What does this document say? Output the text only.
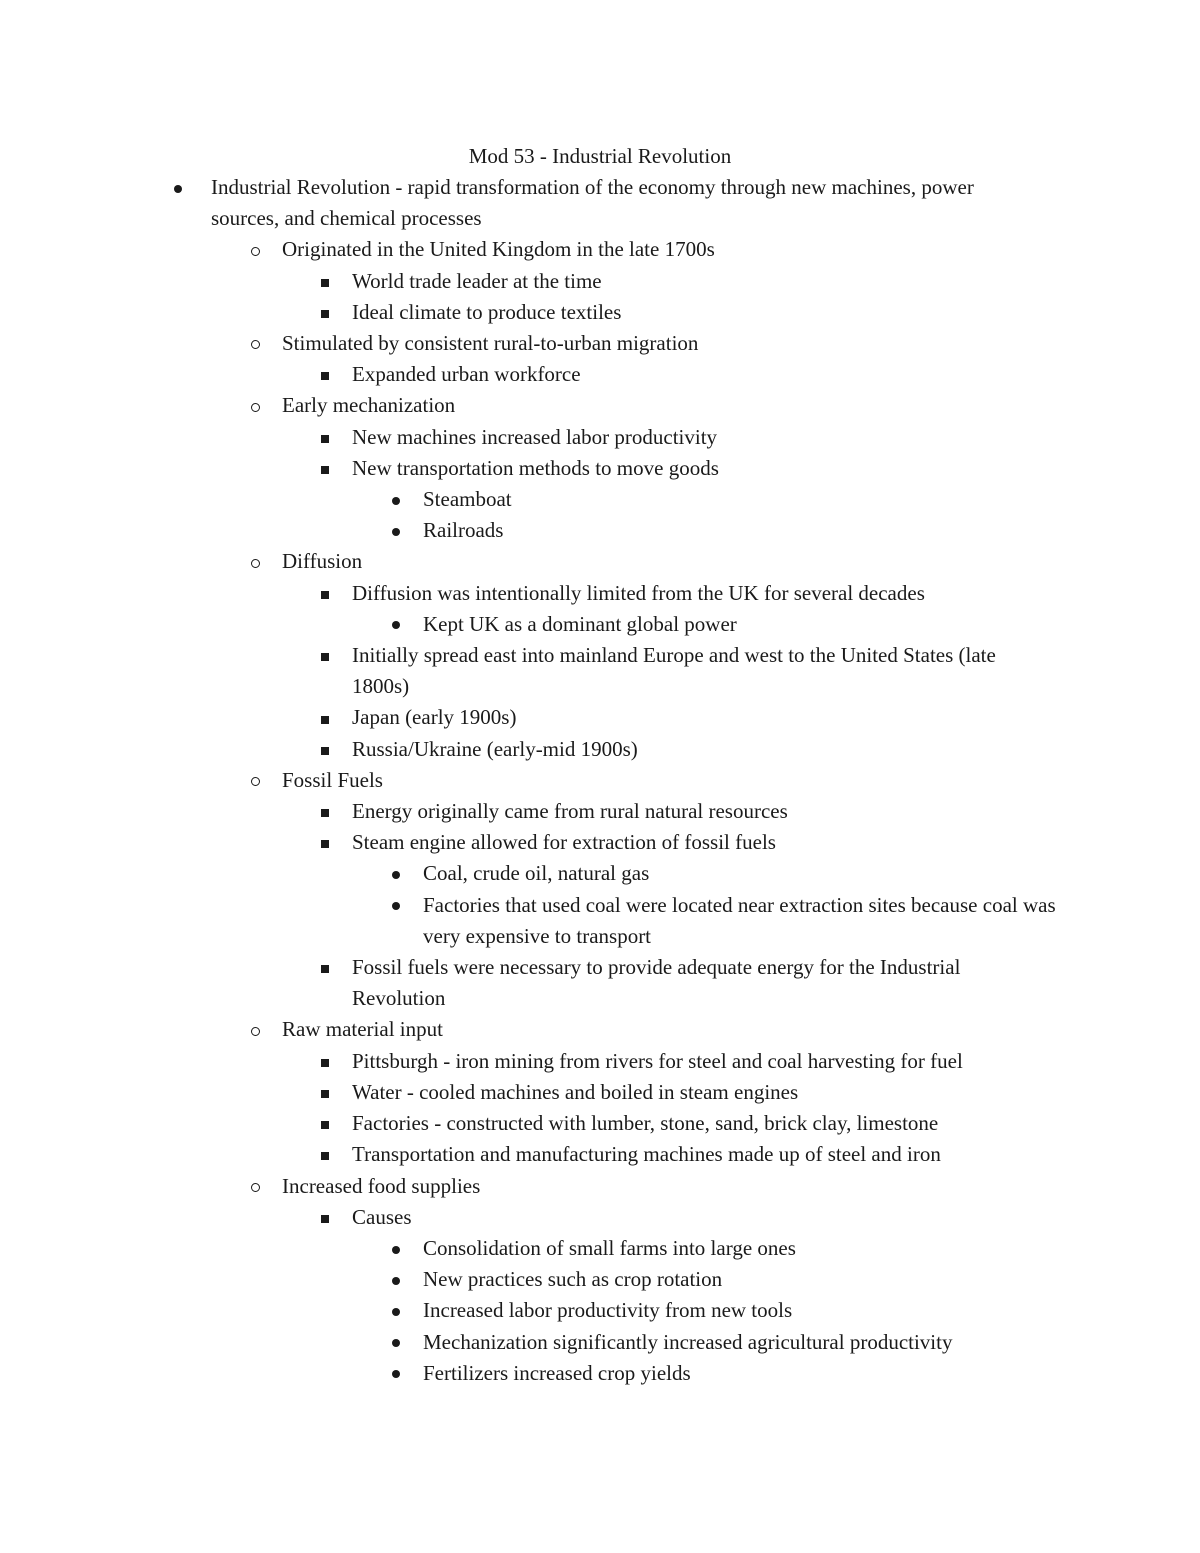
Mod 53 - Industrial Revolution
Industrial Revolution - rapid transformation of the economy through new machines, power sources, and chemical processes
Originated in the United Kingdom in the late 1700s
World trade leader at the time
Ideal climate to produce textiles
Stimulated by consistent rural-to-urban migration
Expanded urban workforce
Early mechanization
New machines increased labor productivity
New transportation methods to move goods
Steamboat
Railroads
Diffusion
Diffusion was intentionally limited from the UK for several decades
Kept UK as a dominant global power
Initially spread east into mainland Europe and west to the United States (late 1800s)
Japan (early 1900s)
Russia/Ukraine (early-mid 1900s)
Fossil Fuels
Energy originally came from rural natural resources
Steam engine allowed for extraction of fossil fuels
Coal, crude oil, natural gas
Factories that used coal were located near extraction sites because coal was very expensive to transport
Fossil fuels were necessary to provide adequate energy for the Industrial Revolution
Raw material input
Pittsburgh - iron mining from rivers for steel and coal harvesting for fuel
Water - cooled machines and boiled in steam engines
Factories - constructed with lumber, stone, sand, brick clay, limestone
Transportation and manufacturing machines made up of steel and iron
Increased food supplies
Causes
Consolidation of small farms into large ones
New practices such as crop rotation
Increased labor productivity from new tools
Mechanization significantly increased agricultural productivity
Fertilizers increased crop yields
